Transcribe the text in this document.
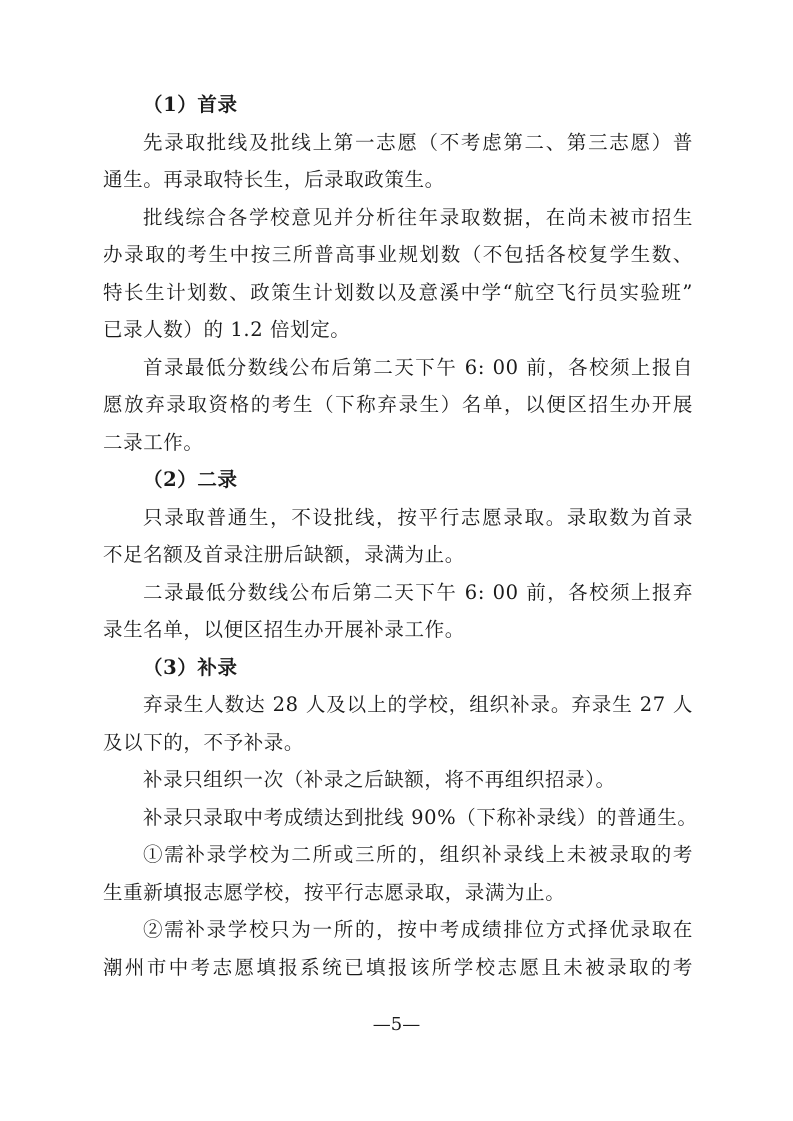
（1）首录
先录取批线及批线上第一志愿（不考虑第二、第三志愿）普
通生。再录取特长生，后录取政策生。
批线综合各学校意见并分析往年录取数据，在尚未被市招生
办录取的考生中按三所普高事业规划数（不包括各校复学生数、
特长生计划数、政策生计划数以及意溪中学“航空飞行员实验班”
已录人数）的 1.2 倍划定。
首录最低分数线公布后第二天下午 6: 00 前，各校须上报自
愿放弃录取资格的考生（下称弃录生）名单，以便区招生办开展
二录工作。
（2）二录
只录取普通生，不设批线，按平行志愿录取。录取数为首录
不足名额及首录注册后缺额，录满为止。
二录最低分数线公布后第二天下午 6: 00 前，各校须上报弃
录生名单，以便区招生办开展补录工作。
（3）补录
弃录生人数达 28 人及以上的学校，组织补录。弃录生 27 人
及以下的，不予补录。
补录只组织一次（补录之后缺额，将不再组织招录）。
补录只录取中考成绩达到批线 90%（下称补录线）的普通生。
①需补录学校为二所或三所的，组织补录线上未被录取的考
生重新填报志愿学校，按平行志愿录取，录满为止。
②需补录学校只为一所的，按中考成绩排位方式择优录取在
潮州市中考志愿填报系统已填报该所学校志愿且未被录取的考
—5—
